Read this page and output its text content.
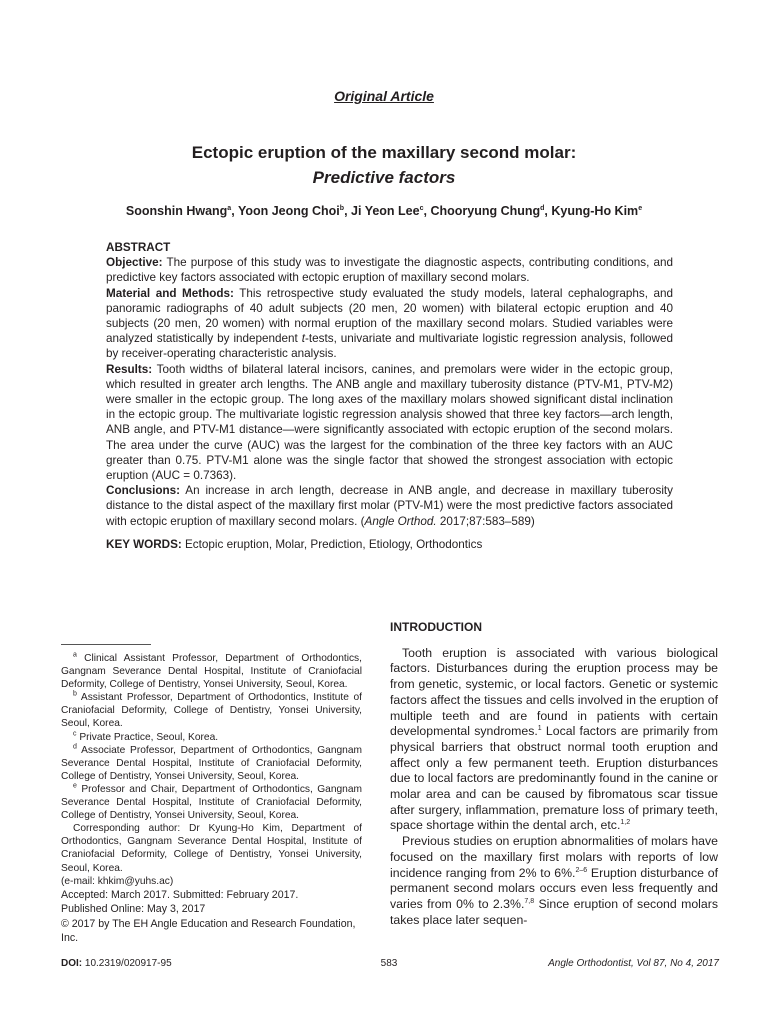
Original Article
Ectopic eruption of the maxillary second molar:
Predictive factors
Soonshin Hwang$^a$, Yoon Jeong Choi$^b$, Ji Yeon Lee$^c$, Chooryung Chung$^d$, Kyung-Ho Kim$^e$

ABSTRACT

Objective: The purpose of this study was to investigate the diagnostic aspects, contributing conditions, and predictive key factors associated with ectopic eruption of maxillary second molars.

Material and Methods: This retrospective study evaluated the study models, lateral cephalographs, and panoramic radiographs of 40 adult subjects (20 men, 20 women) with bilateral ectopic eruption and 40 subjects (20 men, 20 women) with normal eruption of the maxillary second molars. Studied variables were analyzed statistically by independent t-tests, univariate and multivariate logistic regression analysis, followed by receiver-operating characteristic analysis.

Results: Tooth widths of bilateral lateral incisors, canines, and premolars were wider in the ectopic group, which resulted in greater arch lengths. The ANB angle and maxillary tuberosity distance (PTV-M1, PTV-M2) were smaller in the ectopic group. The long axes of the maxillary molars showed significant distal inclination in the ectopic group. The multivariate logistic regression analysis showed that three key factors—arch length, ANB angle, and PTV-M1 distance—were significantly associated with ectopic eruption of the second molars. The area under the curve (AUC) was the largest for the combination of the three key factors with an AUC greater than 0.75. PTV-M1 alone was the single factor that showed the strongest association with ectopic eruption (AUC = 0.7363).

Conclusions: An increase in arch length, decrease in ANB angle, and decrease in maxillary tuberosity distance to the distal aspect of the maxillary first molar (PTV-M1) were the most predictive factors associated with ectopic eruption of maxillary second molars. (Angle Orthod. 2017;87:583–589)

KEY WORDS: Ectopic eruption, Molar, Prediction, Etiology, Orthodontics

$^a$ Clinical Assistant Professor, Department of Orthodontics, Gangnam Severance Dental Hospital, Institute of Craniofacial Deformity, College of Dentistry, Yonsei University, Seoul, Korea.

$^b$ Assistant Professor, Department of Orthodontics, Institute of Craniofacial Deformity, College of Dentistry, Yonsei University, Seoul, Korea.

$^c$ Private Practice, Seoul, Korea.

$^d$ Associate Professor, Department of Orthodontics, Gangnam Severance Dental Hospital, Institute of Craniofacial Deformity, College of Dentistry, Yonsei University, Seoul, Korea.

$^e$ Professor and Chair, Department of Orthodontics, Gangnam Severance Dental Hospital, Institute of Craniofacial Deformity, College of Dentistry, Yonsei University, Seoul, Korea.

Corresponding author: Dr Kyung-Ho Kim, Department of Orthodontics, Gangnam Severance Dental Hospital, Institute of Craniofacial Deformity, College of Dentistry, Yonsei University, Seoul, Korea.

(e-mail: khkim@yuhs.ac)
Accepted: March 2017. Submitted: February 2017.
Published Online: May 3, 2017
© 2017 by The EH Angle Education and Research Foundation, Inc.
INTRODUCTION

Tooth eruption is associated with various biological factors. Disturbances during the eruption process may be from genetic, systemic, or local factors. Genetic or systemic factors affect the tissues and cells involved in the eruption of multiple teeth and are found in patients with certain developmental syndromes.$^1$ Local factors are primarily from physical barriers that obstruct normal tooth eruption and affect only a few permanent teeth. Eruption disturbances due to local factors are predominantly found in the canine or molar area and can be caused by fibromatous scar tissue after surgery, inflammation, premature loss of primary teeth, space shortage within the dental arch, etc.$^{1,2}$

Previous studies on eruption abnormalities of molars have focused on the maxillary first molars with reports of low incidence ranging from 2% to 6%.$^{2-6}$ Eruption disturbance of permanent second molars occurs even less frequently and varies from 0% to 2.3%.$^{7,8}$ Since eruption of second molars takes place later sequen-

DOI: 10.2319/020917-95	583	Angle Orthodontist, Vol 87, No 4, 2017
